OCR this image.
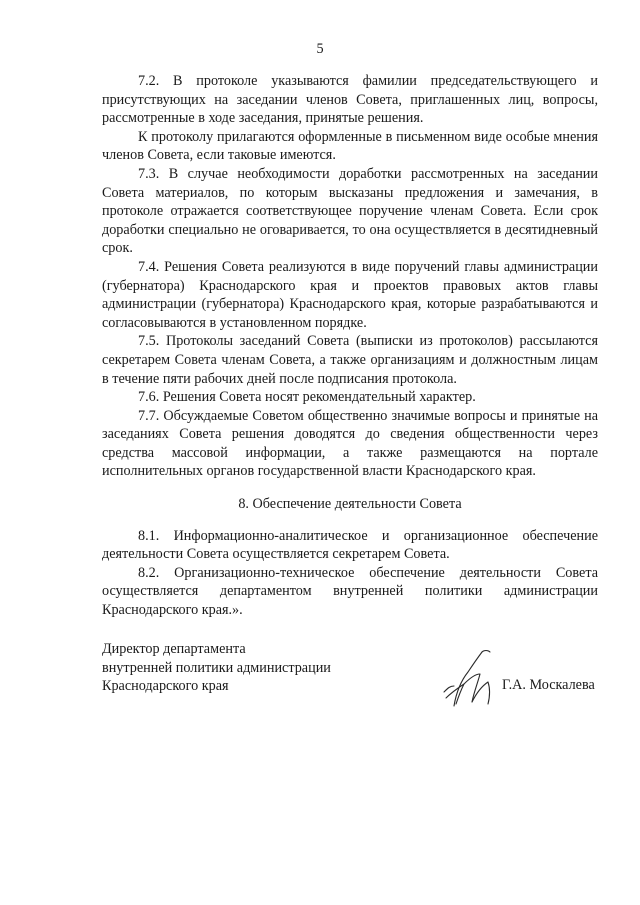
5

7.2. В протоколе указываются фамилии председательствующего и присутствующих на заседании членов Совета, приглашенных лиц, вопросы, рассмотренные в ходе заседания, принятые решения.

К протоколу прилагаются оформленные в письменном виде особые мнения членов Совета, если таковые имеются.

7.3. В случае необходимости доработки рассмотренных на заседании Совета материалов, по которым высказаны предложения и замечания, в протоколе отражается соответствующее поручение членам Совета. Если срок доработки специально не оговаривается, то она осуществляется в десятидневный срок.

7.4. Решения Совета реализуются в виде поручений главы администрации (губернатора) Краснодарского края и проектов правовых актов главы администрации (губернатора) Краснодарского края, которые разрабатываются и согласовываются в установленном порядке.

7.5. Протоколы заседаний Совета (выписки из протоколов) рассылаются секретарем Совета членам Совета, а также организациям и должностным лицам в течение пяти рабочих дней после подписания протокола.

7.6. Решения Совета носят рекомендательный характер.

7.7. Обсуждаемые Советом общественно значимые вопросы и принятые на заседаниях Совета решения доводятся до сведения общественности через средства массовой информации, а также размещаются на портале исполнительных органов государственной власти Краснодарского края.

8. Обеспечение деятельности Совета

8.1. Информационно-аналитическое и организационное обеспечение деятельности Совета осуществляется секретарем Совета.

8.2. Организационно-техническое обеспечение деятельности Совета осуществляется департаментом внутренней политики администрации Краснодарского края.».

Директор департамента
внутренней политики администрации
Краснодарского края	Г.А. Москалева
